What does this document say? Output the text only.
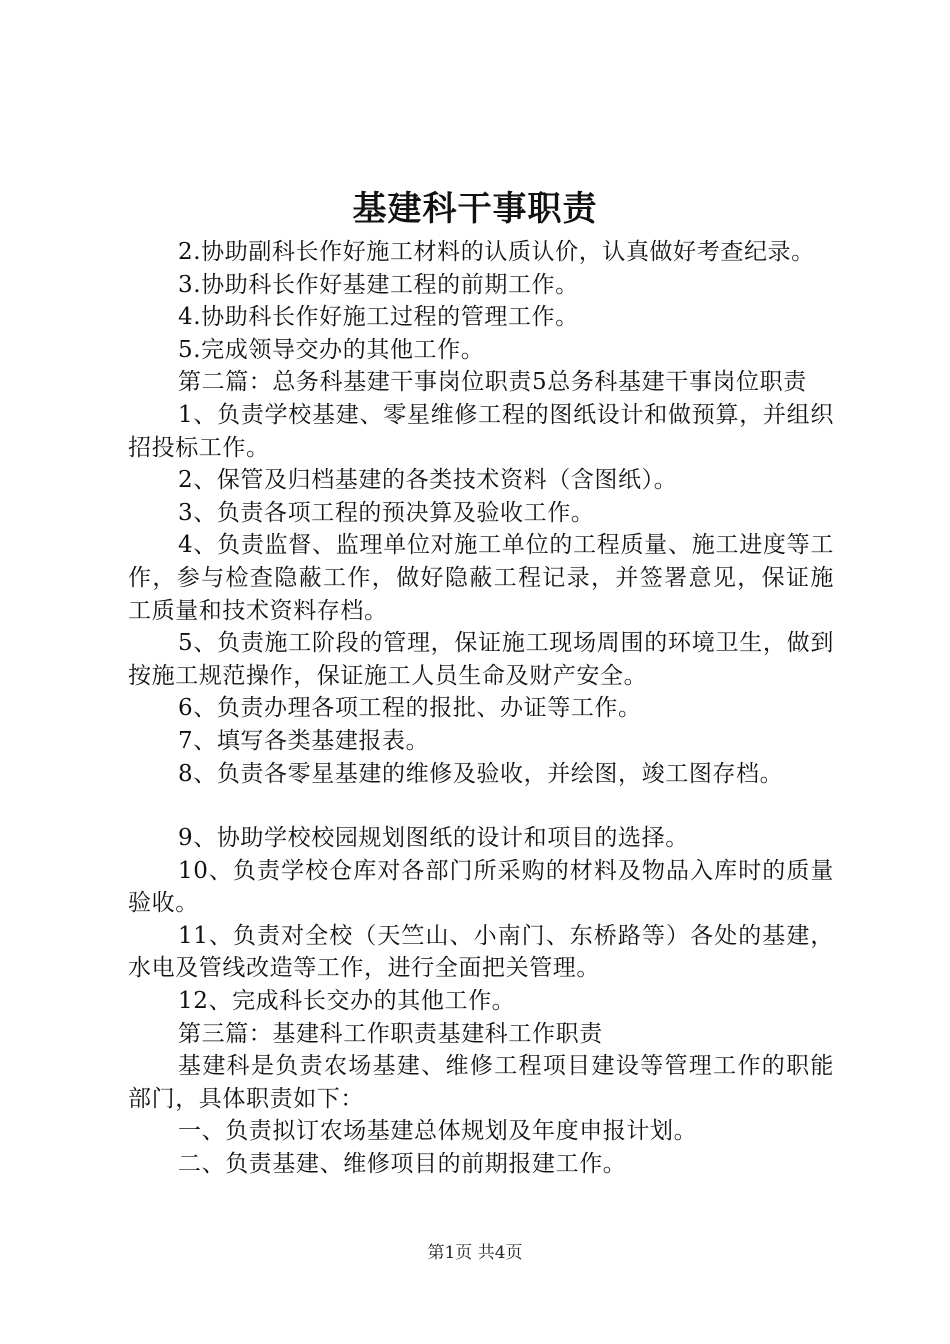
基建科干事职责

2.协助副科长作好施工材料的认质认价，认真做好考查纪录。

3.协助科长作好基建工程的前期工作。

4.协助科长作好施工过程的管理工作。

5.完成领导交办的其他工作。

第二篇：总务科基建干事岗位职责5总务科基建干事岗位职责

1、负责学校基建、零星维修工程的图纸设计和做预算，并组织招投标工作。

2、保管及归档基建的各类技术资料（含图纸）。

3、负责各项工程的预决算及验收工作。

4、负责监督、监理单位对施工单位的工程质量、施工进度等工作，参与检查隐蔽工作，做好隐蔽工程记录，并签署意见，保证施工质量和技术资料存档。

5、负责施工阶段的管理，保证施工现场周围的环境卫生，做到按施工规范操作，保证施工人员生命及财产安全。

6、负责办理各项工程的报批、办证等工作。

7、填写各类基建报表。

8、负责各零星基建的维修及验收，并绘图，竣工图存档。

9、协助学校校园规划图纸的设计和项目的选择。

10、负责学校仓库对各部门所采购的材料及物品入库时的质量验收。

11、负责对全校（天竺山、小南门、东桥路等）各处的基建，水电及管线改造等工作，进行全面把关管理。

12、完成科长交办的其他工作。

第三篇：基建科工作职责基建科工作职责

基建科是负责农场基建、维修工程项目建设等管理工作的职能部门，具体职责如下：

一、负责拟订农场基建总体规划及年度申报计划。

二、负责基建、维修项目的前期报建工作。

第1页 共4页
